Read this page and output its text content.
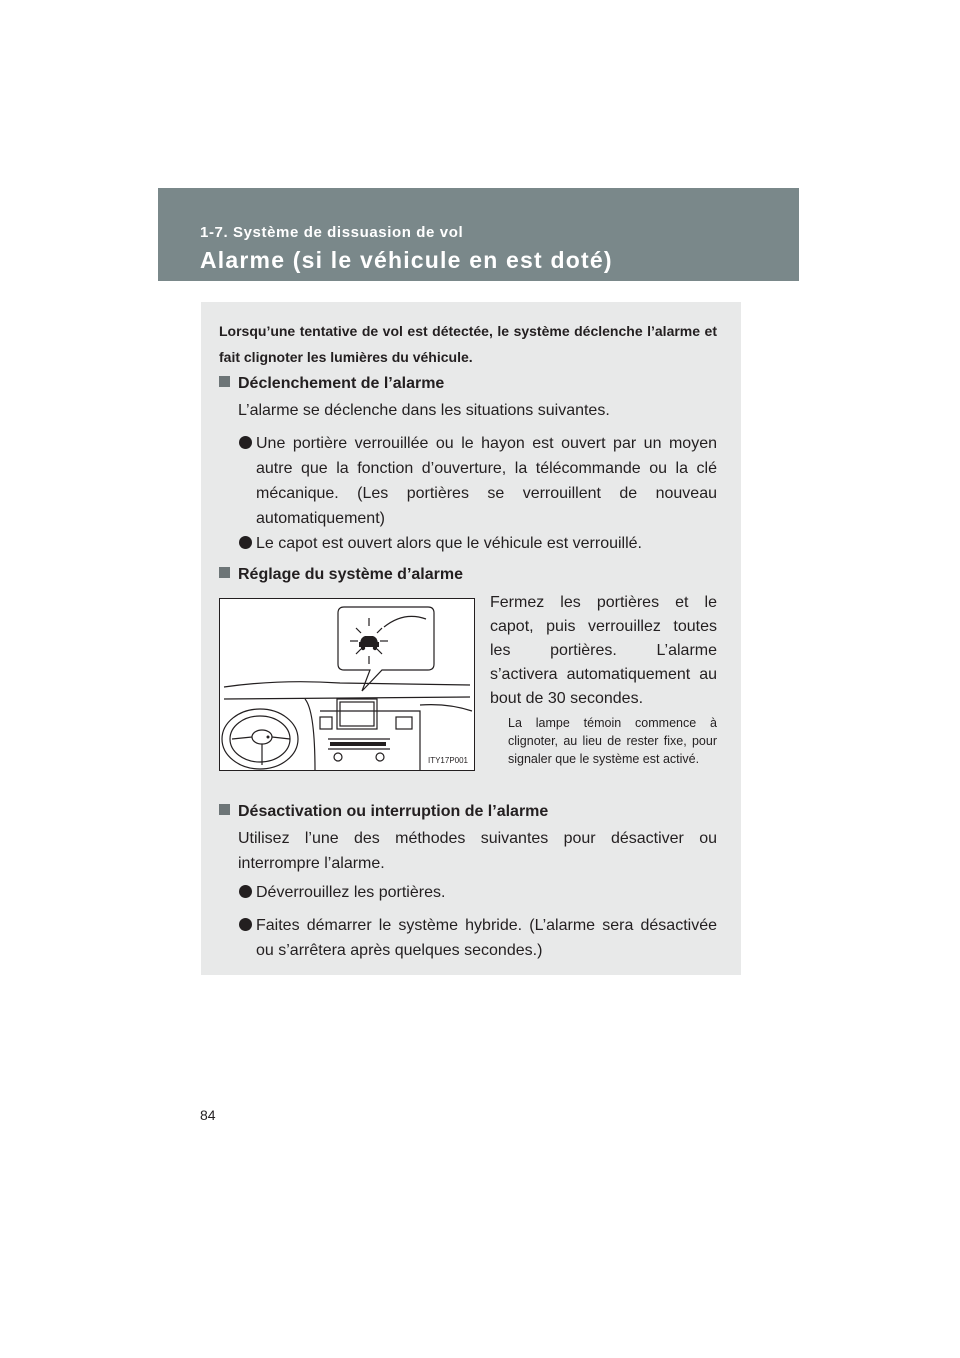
1-7. Système de dissuasion de vol
Alarme (si le véhicule en est doté)
Lorsqu’une tentative de vol est détectée, le système déclenche l’alarme et fait clignoter les lumières du véhicule.
Déclenchement de l’alarme
L’alarme se déclenche dans les situations suivantes.
Une portière verrouillée ou le hayon est ouvert par un moyen autre que la fonction d’ouverture, la télécommande ou la clé mécanique. (Les portières se verrouillent de nouveau automatiquement)
Le capot est ouvert alors que le véhicule est verrouillé.
Réglage du système d’alarme
ITY17P001
Fermez les portières et le capot, puis verrouillez toutes les portières. L’alarme s’activera automatiquement au bout de 30 secondes.
La lampe témoin commence à clignoter, au lieu de rester fixe, pour signaler que le système est activé.
Désactivation ou interruption de l’alarme
Utilisez l’une des méthodes suivantes pour désactiver ou interrompre l’alarme.
Déverrouillez les portières.
Faites démarrer le système hybride. (L’alarme sera désactivée ou s’arrêtera après quelques secondes.)
84
